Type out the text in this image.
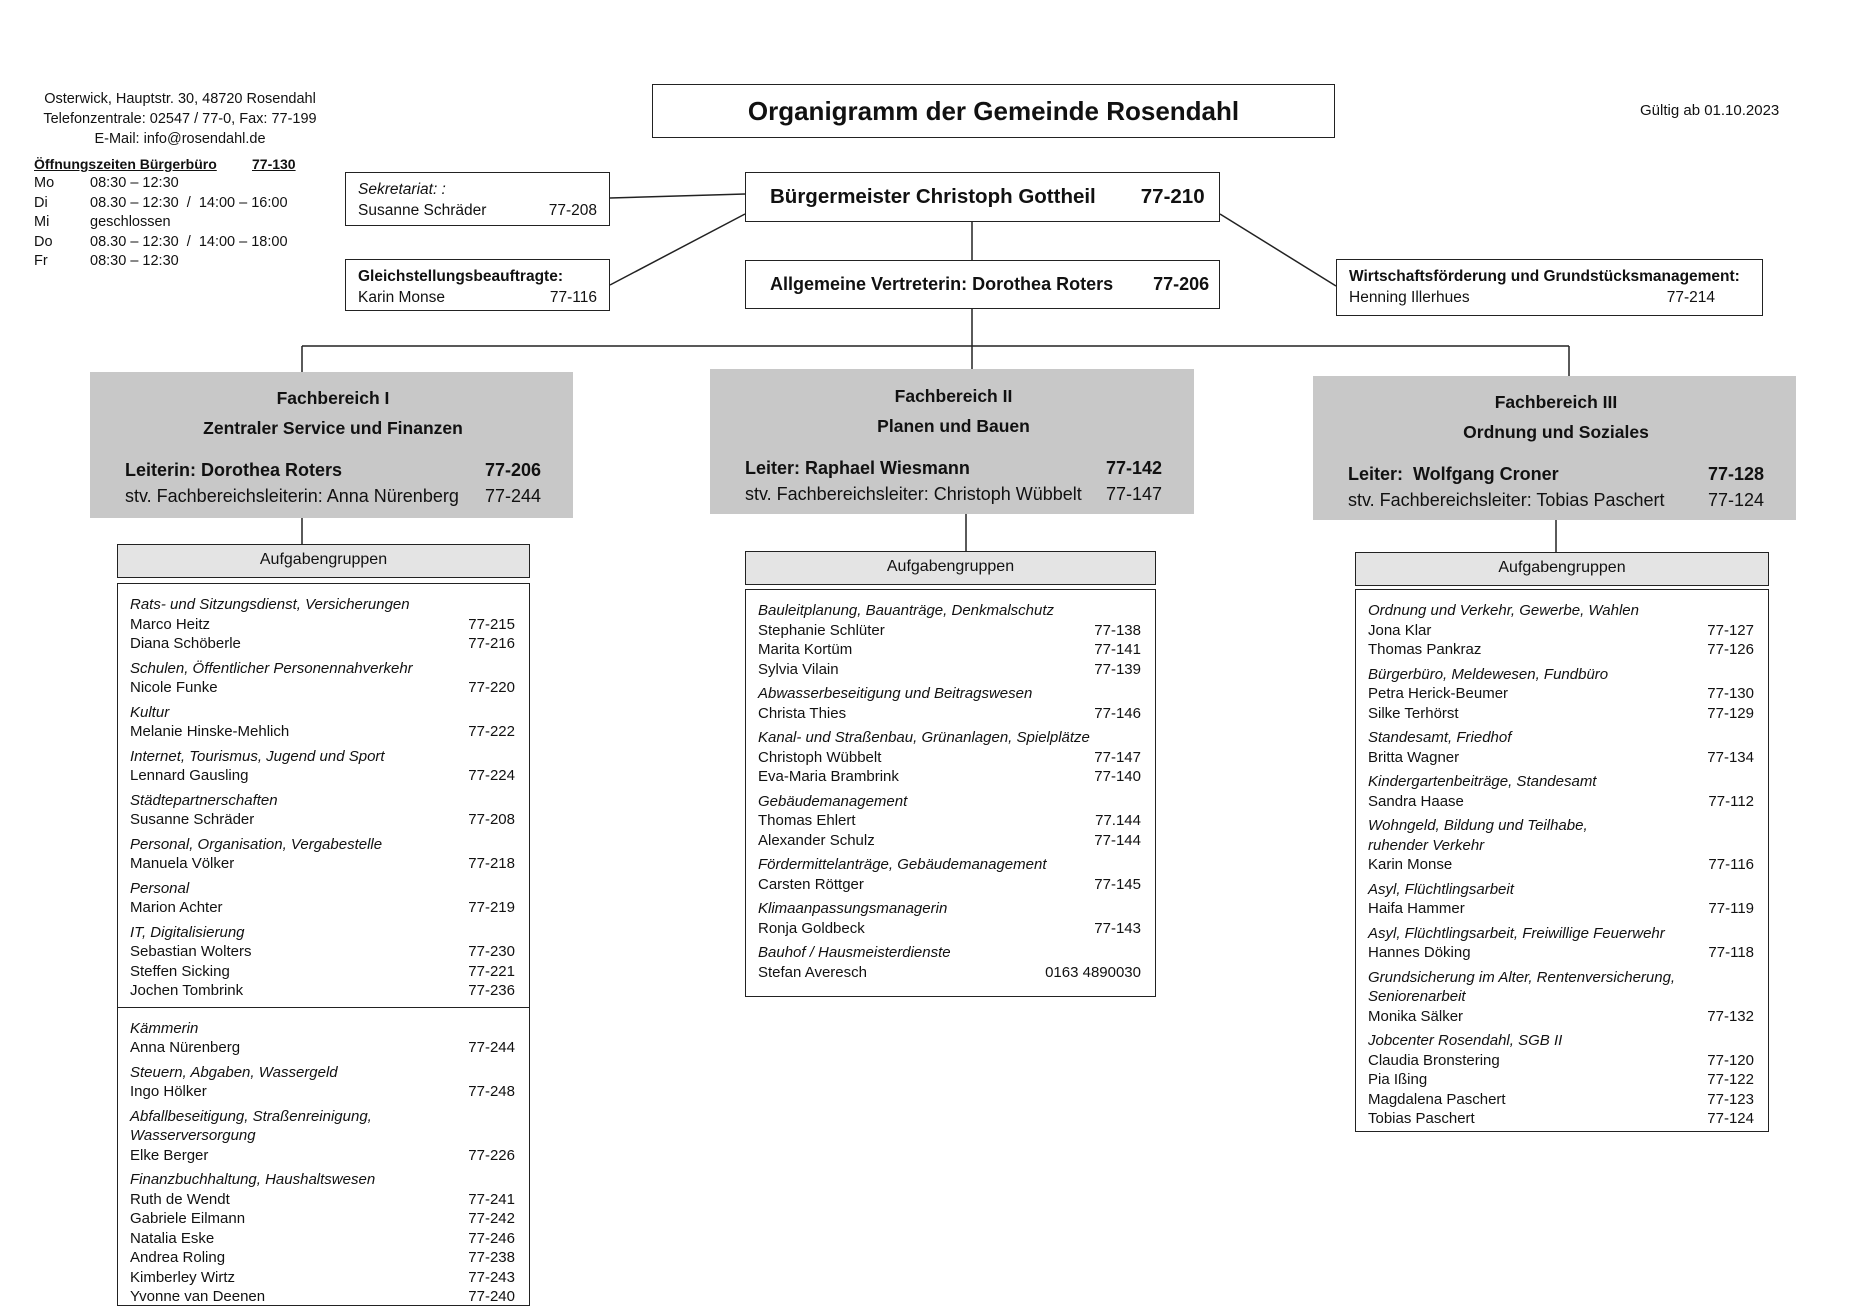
Osterwick, Hauptstr. 30, 48720 Rosendahl
Telefonzentrale: 02547 / 77-0, Fax: 77-199
E-Mail: info@rosendahl.de
Öffnungszeiten Bürgerbüro	77-130
Mo	08:30 – 12:30
Di	08.30 – 12:30  /  14:00 – 16:00
Mi	geschlossen
Do	08.30 – 12:30  /  14:00 – 18:00
Fr	08:30 – 12:30
Organigramm der Gemeinde Rosendahl	Gültig ab 01.10.2023
Sekretariat: :
Susanne Schräder	77-208
Gleichstellungsbeauftragte:
Karin Monse	77-116
Bürgermeister Christoph Gottheil 77-210
Allgemeine Vertreterin: Dorothea Roters 77-206	Wirtschaftsförderung und Grundstücksmanagement:
Henning Illerhues	77-214
Fachbereich I
Zentraler Service und Finanzen
Leiterin: Dorothea Roters	77-206
stv. Fachbereichsleiterin: Anna Nürenberg 77-244
Aufgabengruppen
Rats- und Sitzungsdienst, Versicherungen
Marco Heitz	77-215
Diana Schöberle	77-216
Schulen, Öffentlicher Personennahverkehr
Nicole Funke	77-220
Kultur
Melanie Hinske-Mehlich	77-222
Internet, Tourismus, Jugend und Sport
Lennard Gausling	77-224
Städtepartnerschaften
Susanne Schräder	77-208
Personal, Organisation, Vergabestelle
Manuela Völker	77-218
Personal
Marion Achter	77-219
IT, Digitalisierung
Sebastian Wolters	77-230
Steffen Sicking	77-221
Jochen Tombrink	77-236
Kämmerin
Anna Nürenberg	77-244
Steuern, Abgaben, Wassergeld
Ingo Hölker	77-248
Abfallbeseitigung, Straßenreinigung,
Wasserversorgung
Elke Berger	77-226
Finanzbuchhaltung, Haushaltswesen
Ruth de Wendt	77-241
Gabriele Eilmann	77-242
Natalia Eske	77-246
Andrea Roling	77-238
Kimberley Wirtz	77-243
Yvonne van Deenen	77-240
Fachbereich II
Planen und Bauen
Leiter: Raphael Wiesmann	77-142
stv. Fachbereichsleiter: Christoph Wübbelt 77-147
Aufgabengruppen
Bauleitplanung, Bauanträge, Denkmalschutz
Stephanie Schlüter	77-138
Marita Kortüm	77-141
Sylvia Vilain	77-139
Abwasserbeseitigung und Beitragswesen
Christa Thies	77-146
Kanal- und Straßenbau, Grünanlagen, Spielplätze
Christoph Wübbelt	77-147
Eva-Maria Brambrink	77-140
Gebäudemanagement
Thomas Ehlert	77.144
Alexander Schulz	77-144
Fördermittelanträge, Gebäudemanagement
Carsten Röttger	77-145
Klimaanpassungsmanagerin
Ronja Goldbeck	77-143
Bauhof / Hausmeisterdienste
Stefan Averesch	0163 4890030
Fachbereich III
Ordnung und Soziales
Leiter:  Wolfgang Croner	77-128
stv. Fachbereichsleiter: Tobias Paschert 77-124
Aufgabengruppen
Ordnung und Verkehr, Gewerbe, Wahlen
Jona Klar	77-127
Thomas Pankraz	77-126
Bürgerbüro, Meldewesen, Fundbüro
Petra Herick-Beumer	77-130
Silke Terhörst	77-129
Standesamt, Friedhof
Britta Wagner	77-134
Kindergartenbeiträge, Standesamt
Sandra Haase	77-112
Wohngeld, Bildung und Teilhabe,
ruhender Verkehr
Karin Monse	77-116
Asyl, Flüchtlingsarbeit
Haifa Hammer	77-119
Asyl, Flüchtlingsarbeit, Freiwillige Feuerwehr
Hannes Döking	77-118
Grundsicherung im Alter, Rentenversicherung,
Seniorenarbeit
Monika Sälker	77-132
Jobcenter Rosendahl, SGB II
Claudia Bronstering	77-120
Pia Ißing	77-122
Magdalena Paschert	77-123
Tobias Paschert	77-124
